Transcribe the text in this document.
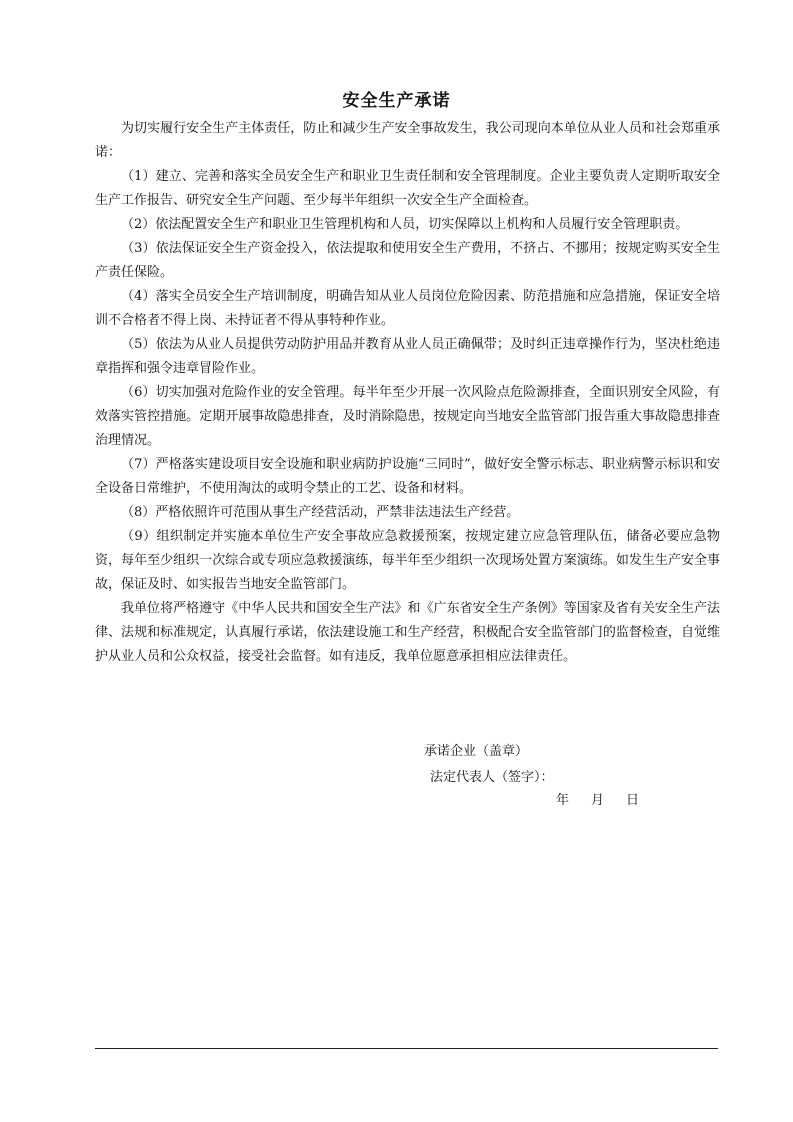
安全生产承诺

为切实履行安全生产主体责任，防止和减少生产安全事故发生，我公司现向本单位从业人员和社会郑重承诺：

（1）建立、完善和落实全员安全生产和职业卫生责任制和安全管理制度。企业主要负责人定期听取安全生产工作报告、研究安全生产问题、至少每半年组织一次安全生产全面检查。

（2）依法配置安全生产和职业卫生管理机构和人员，切实保障以上机构和人员履行安全管理职责。

（3）依法保证安全生产资金投入，依法提取和使用安全生产费用，不挤占、不挪用；按规定购买安全生产责任保险。

（4）落实全员安全生产培训制度，明确告知从业人员岗位危险因素、防范措施和应急措施，保证安全培训不合格者不得上岗、未持证者不得从事特种作业。

（5）依法为从业人员提供劳动防护用品并教育从业人员正确佩带；及时纠正违章操作行为，坚决杜绝违章指挥和强令违章冒险作业。

（6）切实加强对危险作业的安全管理。每半年至少开展一次风险点危险源排查，全面识别安全风险，有效落实管控措施。定期开展事故隐患排查，及时消除隐患，按规定向当地安全监管部门报告重大事故隐患排查治理情况。

（7）严格落实建设项目安全设施和职业病防护设施“三同时”，做好安全警示标志、职业病警示标识和安全设备日常维护，不使用淘汰的或明令禁止的工艺、设备和材料。

（8）严格依照许可范围从事生产经营活动，严禁非法违法生产经营。

（9）组织制定并实施本单位生产安全事故应急救援预案，按规定建立应急管理队伍，储备必要应急物资，每年至少组织一次综合或专项应急救援演练，每半年至少组织一次现场处置方案演练。如发生生产安全事故，保证及时、如实报告当地安全监管部门。

我单位将严格遵守《中华人民共和国安全生产法》和《广东省安全生产条例》等国家及省有关安全生产法律、法规和标准规定，认真履行承诺，依法建设施工和生产经营，积极配合安全监管部门的监督检查，自觉维护从业人员和公众权益，接受社会监督。如有违反，我单位愿意承担相应法律责任。

承诺企业（盖章）
法定代表人（签字）：
年 月 日
